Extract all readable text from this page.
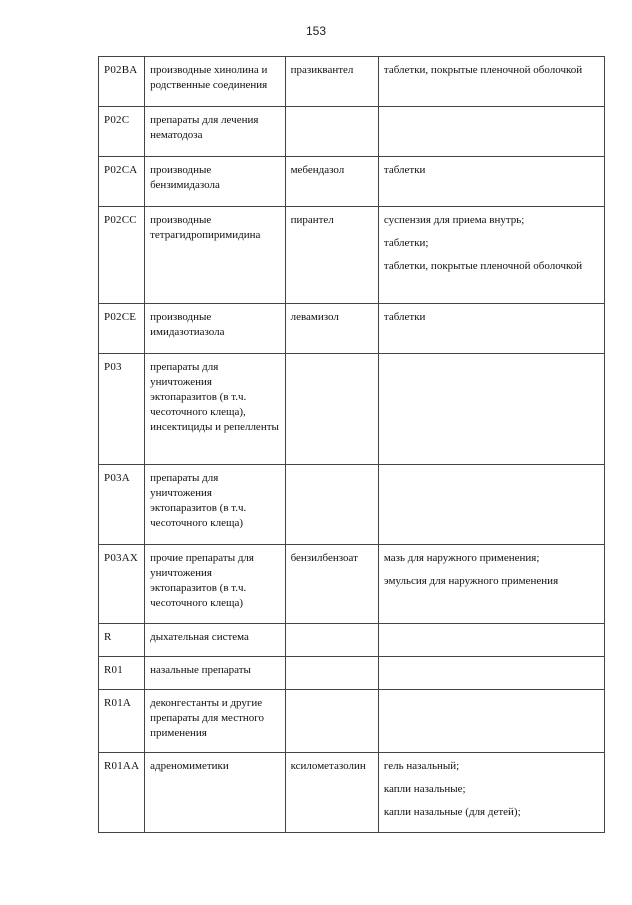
153
P02BA	производные хинолина и родственные соединения	празиквантел	таблетки, покрытые пленочной оболочкой

P02C	препараты для лечения нематодоза		
P02CA	производные бензимидазола	мебендазол	таблетки

P02CC	производные тетрагидропиримидина	пирантел	суспензия для приема внутрь;
таблетки;
таблетки, покрытые пленочной оболочкой

P02CE	производные имидазотиазола	левамизол	таблетки

P03	препараты для уничтожения эктопаразитов (в т.ч. чесоточного клеща), инсектициды и репелленты		
P03A	препараты для уничтожения эктопаразитов (в т.ч. чесоточного клеща)		
P03AX	прочие препараты для уничтожения эктопаразитов (в т.ч. чесоточного клеща)	бензилбензоат	мазь для наружного применения;
эмульсия для наружного применения

R	дыхательная система		
R01	назальные препараты		
R01A	деконгестанты и другие препараты для местного применения		
R01AA	адреномиметики	ксилометазолин	гель назальный;
капли назальные;
капли назальные (для детей);
